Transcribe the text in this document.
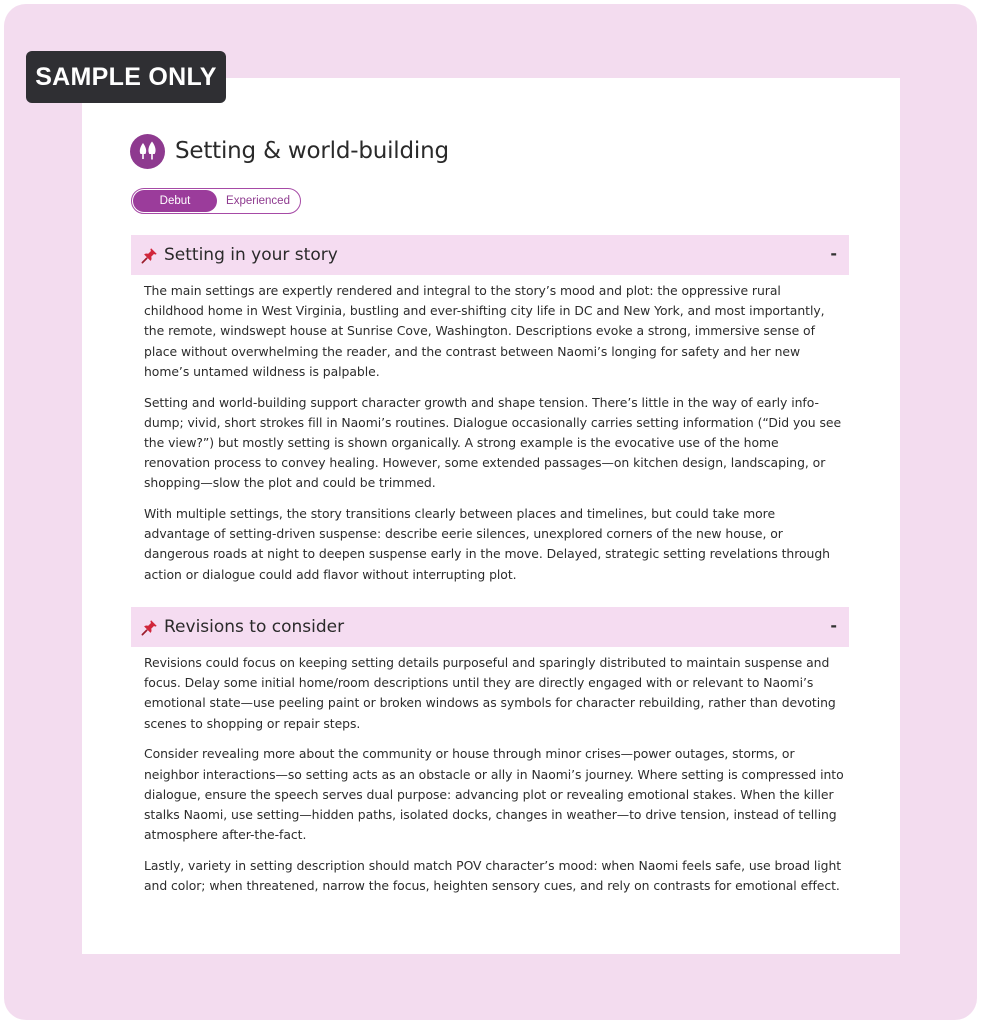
SAMPLE ONLY
Setting & world-building
Debut	Experienced
Setting in your story	-

The main settings are expertly rendered and integral to the story’s mood and plot: the oppressive rural childhood home in West Virginia, bustling and ever-shifting city life in DC and New York, and most importantly, the remote, windswept house at Sunrise Cove, Washington. Descriptions evoke a strong, immersive sense of place without overwhelming the reader, and the contrast between Naomi’s longing for safety and her new home’s untamed wildness is palpable.

Setting and world-building support character growth and shape tension. There’s little in the way of early info-dump; vivid, short strokes fill in Naomi’s routines. Dialogue occasionally carries setting information (“Did you see the view?”) but mostly setting is shown organically. A strong example is the evocative use of the home renovation process to convey healing. However, some extended passages—on kitchen design, landscaping, or shopping—slow the plot and could be trimmed.

With multiple settings, the story transitions clearly between places and timelines, but could take more advantage of setting-driven suspense: describe eerie silences, unexplored corners of the new house, or dangerous roads at night to deepen suspense early in the move. Delayed, strategic setting revelations through action or dialogue could add flavor without interrupting plot.

Revisions to consider	-

Revisions could focus on keeping setting details purposeful and sparingly distributed to maintain suspense and focus. Delay some initial home/room descriptions until they are directly engaged with or relevant to Naomi’s emotional state—use peeling paint or broken windows as symbols for character rebuilding, rather than devoting scenes to shopping or repair steps.

Consider revealing more about the community or house through minor crises—power outages, storms, or neighbor interactions—so setting acts as an obstacle or ally in Naomi’s journey. Where setting is compressed into dialogue, ensure the speech serves dual purpose: advancing plot or revealing emotional stakes. When the killer stalks Naomi, use setting—hidden paths, isolated docks, changes in weather—to drive tension, instead of telling atmosphere after-the-fact.

Lastly, variety in setting description should match POV character’s mood: when Naomi feels safe, use broad light and color; when threatened, narrow the focus, heighten sensory cues, and rely on contrasts for emotional effect.
